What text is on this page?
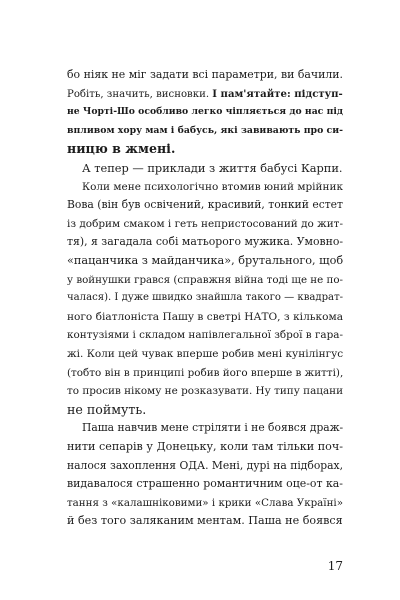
бо ніяк не міг задати всі параметри, ви бачили.
Робіть, значить, висновки. I пам'ятайте: підступ-
не Чорті-Шо особливо легко чіпляється до нас під
впливом хору мам і бабусь, які завивають про си-
ницю в жмені.
А тепер — приклади з життя бабусі Карпи.
Коли мене психологічно втомив юний мрійник
Вова (він був освічений, красивий, тонкий естет
із добрим смаком і геть непристосований до жит-
тя), я загадала собі матьорого мужика. Умовно-
«пацанчика з майданчика», брутального, щоб
у войнушки грався (справжня війна тоді ще не по-
чалася). І дуже швидко знайшла такого — квадрат-
ного біатлоніста Пашу в светрі НАТО, з кількома
контузіями і складом напівлегальної зброї в гара-
жі. Коли цей чувак вперше робив мені кунілінгус
(тобто він в принципі робив його вперше в житті),
то просив нікому не розказувати. Ну типу пацани
не поймуть.
Паша навчив мене стріляти і не боявся драж-
нити сепарів у Донецьку, коли там тільки поч-
налося захоплення ОДА. Мені, дурі на підборах,
видавалося страшенно романтичним оце-от ка-
тання з «калашніковими» і крики «Слава Україні»
й без того заляканим ментам. Паша не боявся
17
